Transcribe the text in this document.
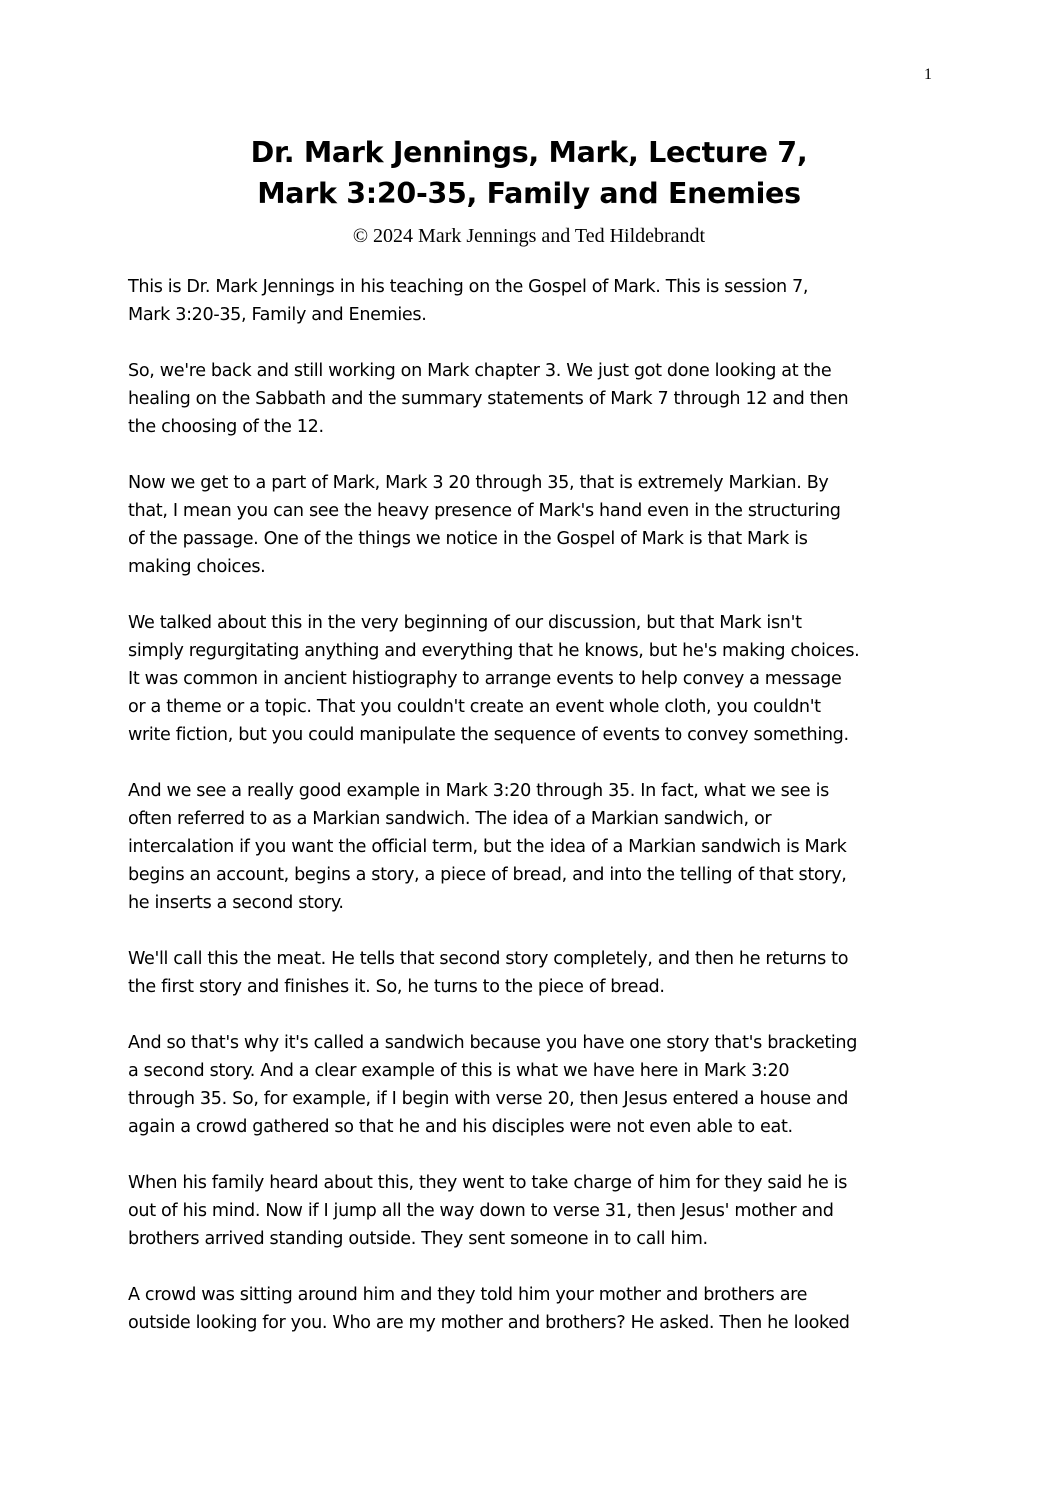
1
Dr. Mark Jennings, Mark, Lecture 7,
Mark 3:20-35, Family and Enemies
© 2024 Mark Jennings and Ted Hildebrandt

This is Dr. Mark Jennings in his teaching on the Gospel of Mark. This is session 7,
Mark 3:20-35, Family and Enemies.

So, we're back and still working on Mark chapter 3. We just got done looking at the
healing on the Sabbath and the summary statements of Mark 7 through 12 and then
the choosing of the 12.

Now we get to a part of Mark, Mark 3 20 through 35, that is extremely Markian. By
that, I mean you can see the heavy presence of Mark's hand even in the structuring
of the passage. One of the things we notice in the Gospel of Mark is that Mark is
making choices.

We talked about this in the very beginning of our discussion, but that Mark isn't
simply regurgitating anything and everything that he knows, but he's making choices.
It was common in ancient histiography to arrange events to help convey a message
or a theme or a topic. That you couldn't create an event whole cloth, you couldn't
write fiction, but you could manipulate the sequence of events to convey something.

And we see a really good example in Mark 3:20 through 35. In fact, what we see is
often referred to as a Markian sandwich. The idea of a Markian sandwich, or
intercalation if you want the official term, but the idea of a Markian sandwich is Mark
begins an account, begins a story, a piece of bread, and into the telling of that story,
he inserts a second story.

We'll call this the meat. He tells that second story completely, and then he returns to
the first story and finishes it. So, he turns to the piece of bread.

And so that's why it's called a sandwich because you have one story that's bracketing
a second story. And a clear example of this is what we have here in Mark 3:20
through 35. So, for example, if I begin with verse 20, then Jesus entered a house and
again a crowd gathered so that he and his disciples were not even able to eat.

When his family heard about this, they went to take charge of him for they said he is
out of his mind. Now if I jump all the way down to verse 31, then Jesus' mother and
brothers arrived standing outside. They sent someone in to call him.

A crowd was sitting around him and they told him your mother and brothers are
outside looking for you. Who are my mother and brothers? He asked. Then he looked
